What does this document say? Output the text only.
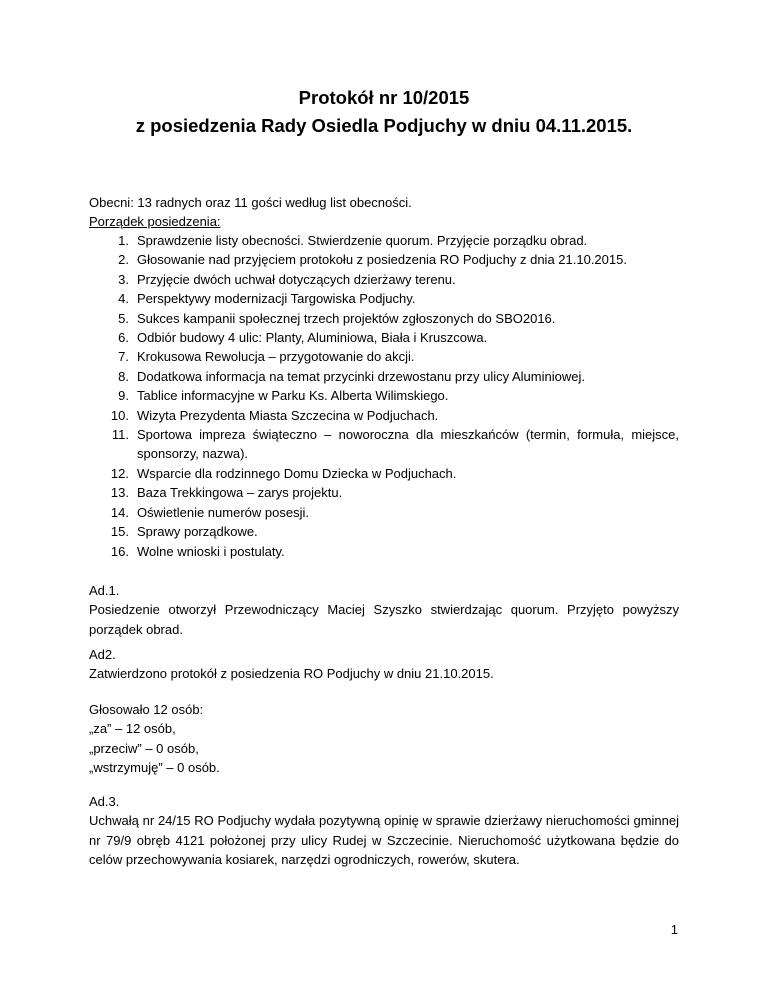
Protokół nr 10/2015
z posiedzenia Rady Osiedla Podjuchy w dniu 04.11.2015.
Obecni: 13 radnych oraz 11 gości według list obecności.
Porządek posiedzenia:
1. Sprawdzenie listy obecności. Stwierdzenie quorum. Przyjęcie porządku obrad.
2. Głosowanie nad przyjęciem protokołu z posiedzenia RO Podjuchy z dnia 21.10.2015.
3. Przyjęcie dwóch uchwał dotyczących dzierżawy terenu.
4. Perspektywy modernizacji Targowiska Podjuchy.
5. Sukces kampanii społecznej trzech projektów zgłoszonych do SBO2016.
6. Odbiór budowy 4 ulic: Planty, Aluminiowa, Biała i Kruszcowa.
7. Krokusowa Rewolucja – przygotowanie do akcji.
8. Dodatkowa informacja na temat przycinki drzewostanu przy ulicy Aluminiowej.
9. Tablice informacyjne w Parku Ks. Alberta Wilimskiego.
10. Wizyta Prezydenta Miasta Szczecina w Podjuchach.
11. Sportowa impreza świąteczno – noworoczna dla mieszkańców (termin, formuła, miejsce, sponsorzy, nazwa).
12. Wsparcie dla rodzinnego Domu Dziecka w Podjuchach.
13. Baza Trekkingowa – zarys projektu.
14. Oświetlenie numerów posesji.
15. Sprawy porządkowe.
16. Wolne wnioski i postulaty.
Ad.1.
Posiedzenie otworzył Przewodniczący Maciej Szyszko stwierdzając quorum. Przyjęto powyższy porządek obrad.
Ad2.
Zatwierdzono protokół z posiedzenia RO Podjuchy w dniu 21.10.2015.
Głosowało 12 osób:
„za” – 12 osób,
„przeciw” – 0 osób,
„wstrzymuję” – 0 osób.
Ad.3.
Uchwałą nr 24/15 RO Podjuchy wydała pozytywną opinię w sprawie dzierżawy nieruchomości gminnej nr 79/9 obręb 4121 położonej przy ulicy Rudej w Szczecinie. Nieruchomość użytkowana będzie do celów przechowywania kosiarek, narzędzi ogrodniczych, rowerów, skutera.
1
